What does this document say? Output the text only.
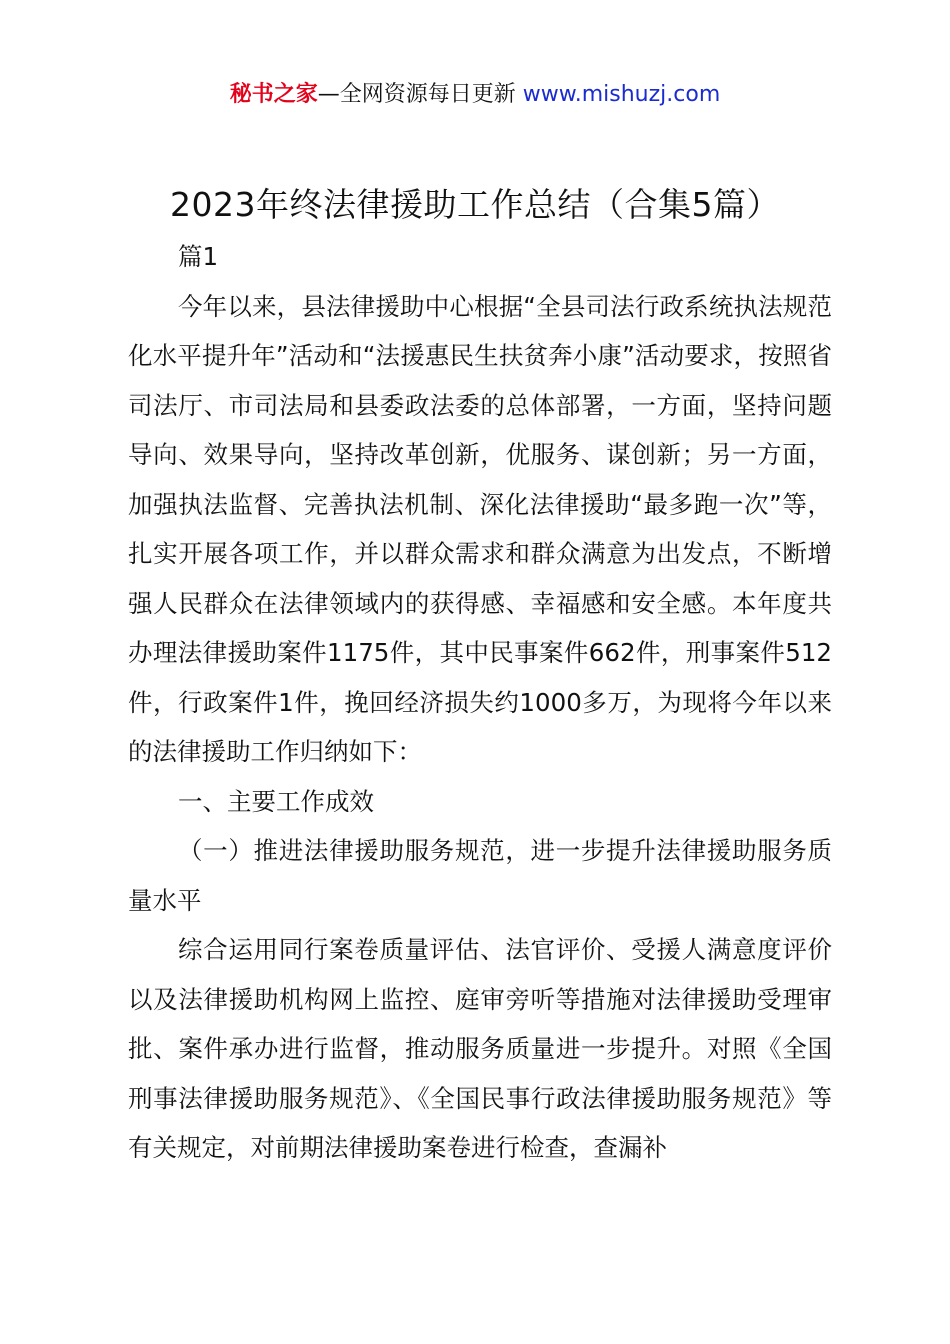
秘书之家—全网资源每日更新 www.mishuzj.com
2023年终法律援助工作总结（合集5篇）

篇1

今年以来，县法律援助中心根据“全县司法行政系统执法规范化水平提升年”活动和“法援惠民生扶贫奔小康”活动要求，按照省司法厅、市司法局和县委政法委的总体部署，一方面，坚持问题导向、效果导向，坚持改革创新，优服务、谋创新；另一方面，加强执法监督、完善执法机制、深化法律援助“最多跑一次”等，扎实开展各项工作，并以群众需求和群众满意为出发点，不断增强人民群众在法律领域内的获得感、幸福感和安全感。本年度共办理法律援助案件1175件，其中民事案件662件，刑事案件512件，行政案件1件，挽回经济损失约1000多万，为现将今年以来的法律援助工作归纳如下：

一、主要工作成效

（一）推进法律援助服务规范，进一步提升法律援助服务质量水平

综合运用同行案卷质量评估、法官评价、受援人满意度评价以及法律援助机构网上监控、庭审旁听等措施对法律援助受理审批、案件承办进行监督，推动服务质量进一步提升。对照《全国刑事法律援助服务规范》、《全国民事行政法律援助服务规范》等有关规定，对前期法律援助案卷进行检查，查漏补
